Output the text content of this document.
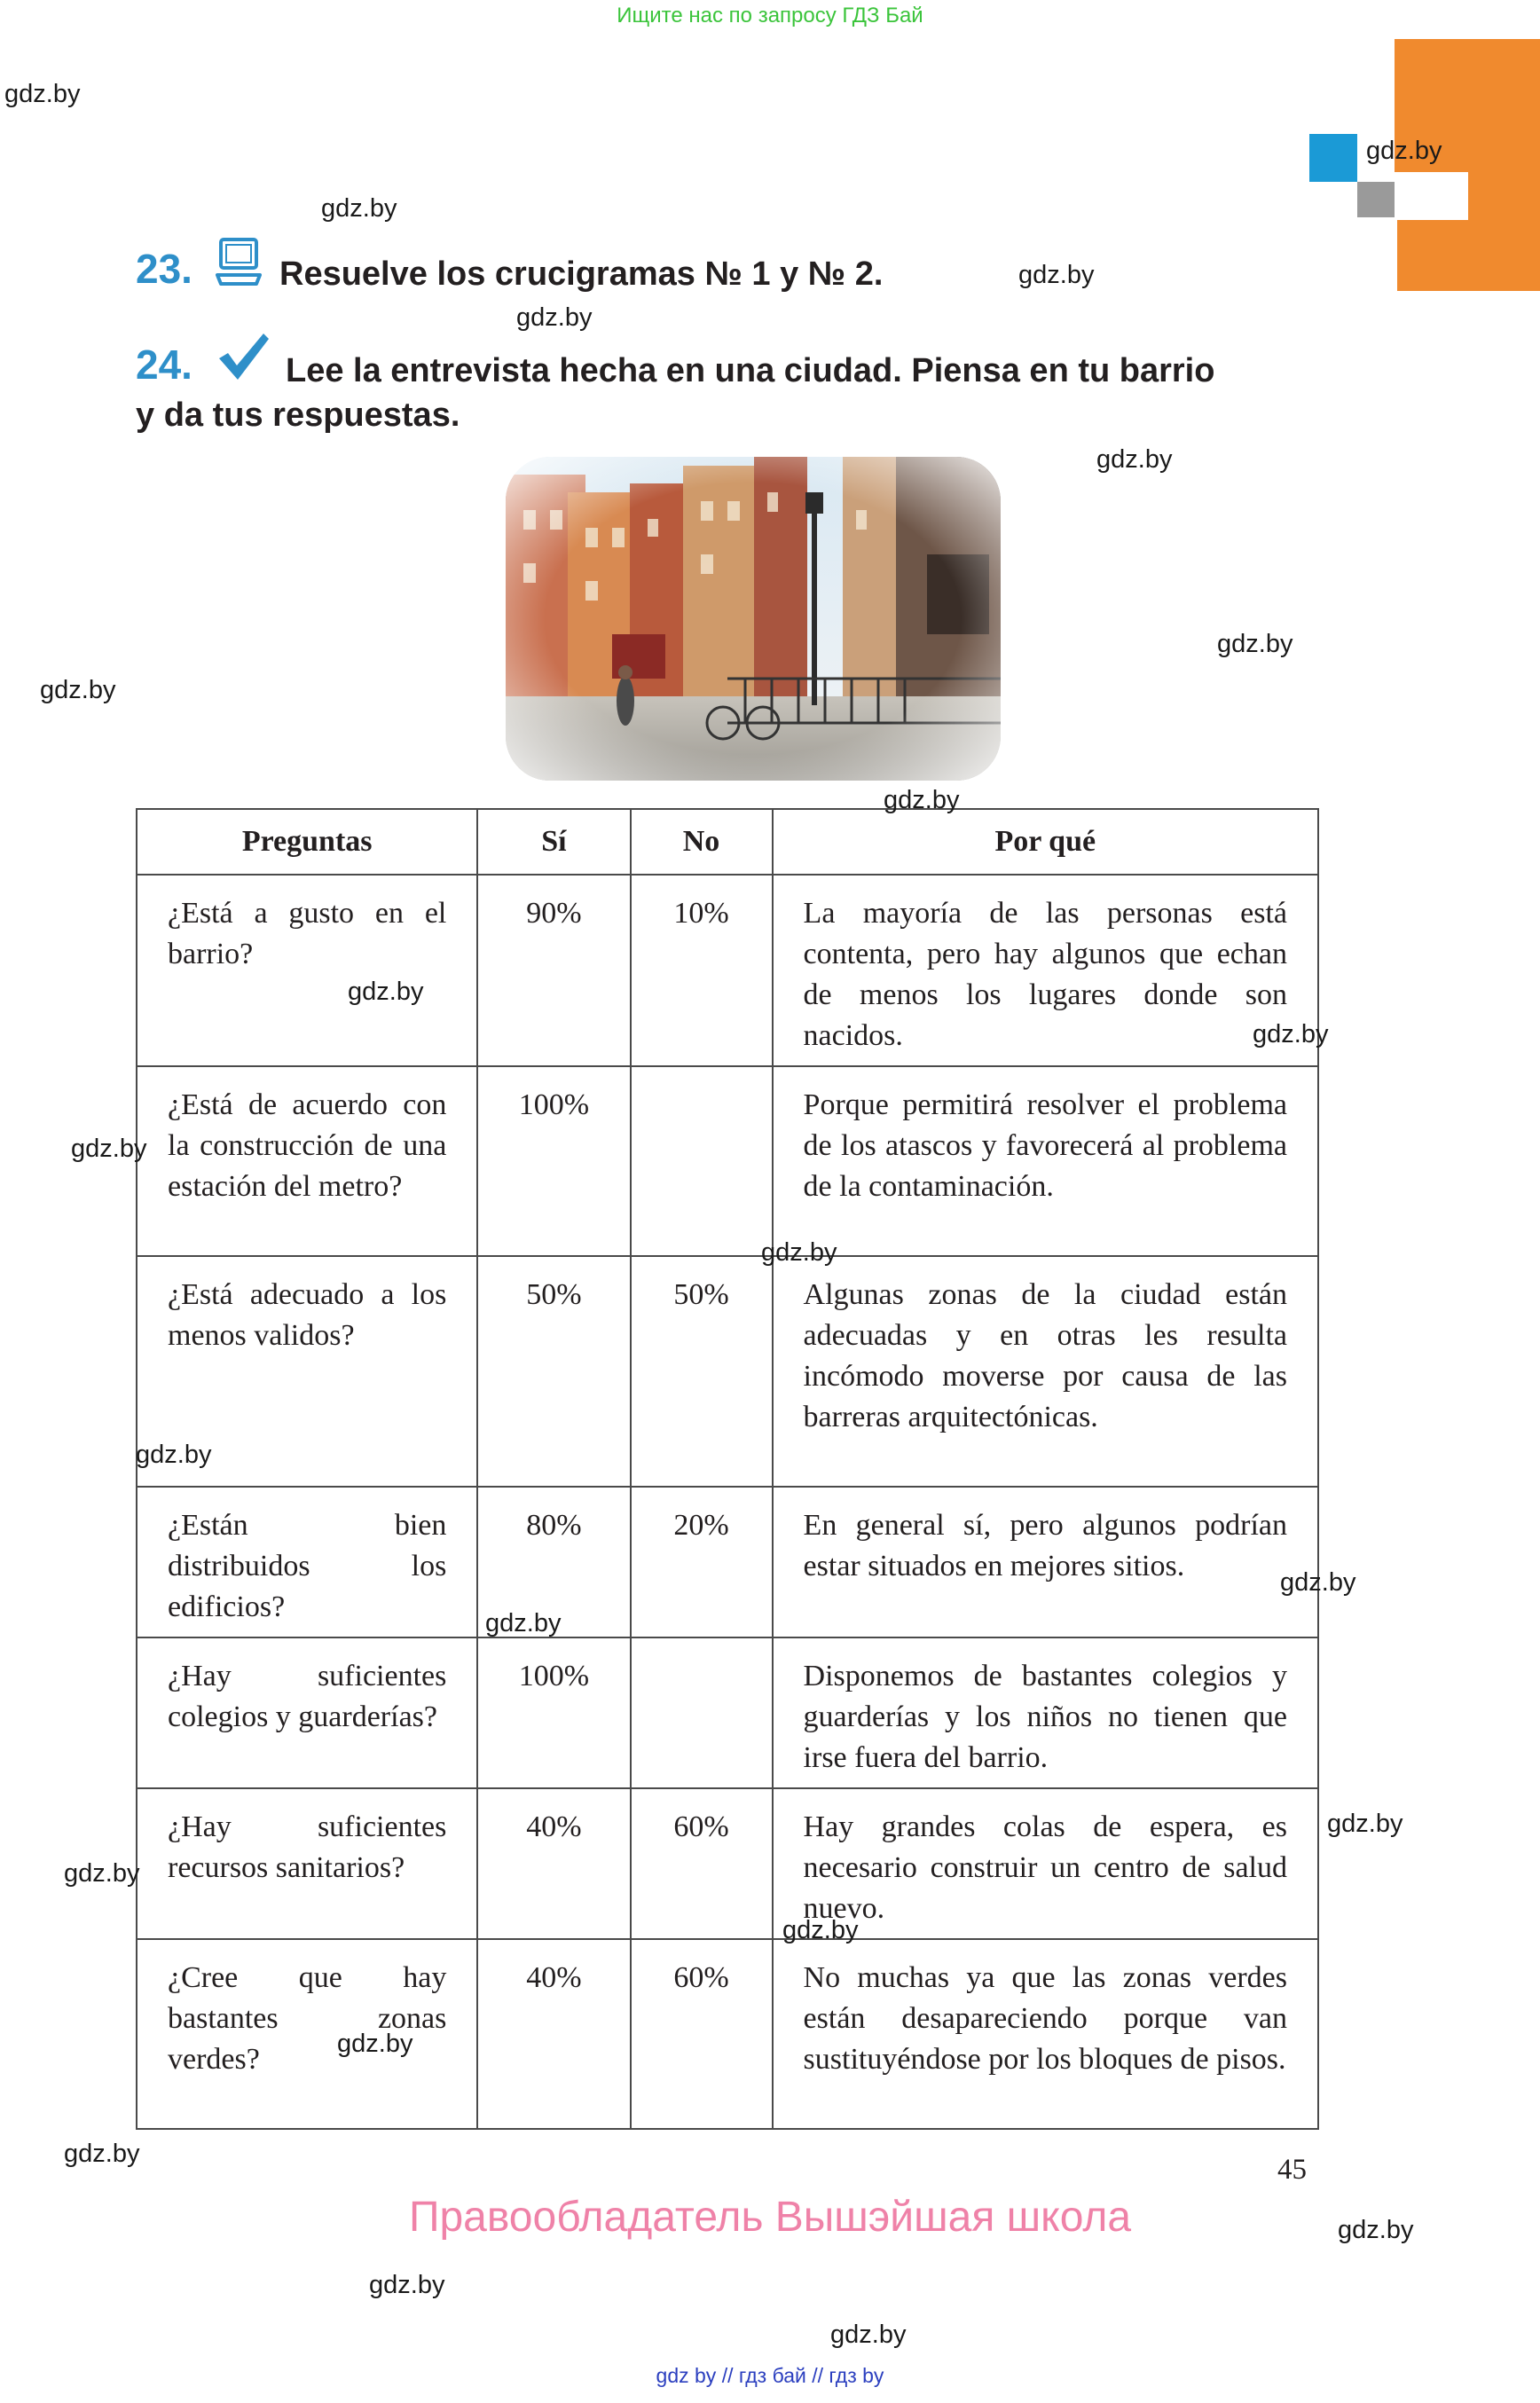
Ищите нас по запросу ГДЗ Бай
23.	Resuelve los crucigramas № 1 y № 2.
24.	Lee la entrevista hecha en una ciudad. Piensa en tu barrio
y da tus respuestas.
Preguntas	Sí	No	Por qué
¿Está a gusto en el barrio?	90%	10%	La mayoría de las personas está contenta, pero hay algunos que echan de menos los lugares donde son nacidos.
¿Está de acuerdo con la construcción de una estación del metro?	100%		Porque permitirá resolver el problema de los atascos y favorecerá al problema de la contaminación.
¿Está adecuado a los menos validos?	50%	50%	Algunas zonas de la ciudad están adecuadas y en otras les resulta incómodo moverse por causa de las barreras arquitectónicas.
¿Están bien distribuidos los edificios?	80%	20%	En general sí, pero algunos podrían estar situados en mejores sitios.
¿Hay suficientes colegios y guarderías?	100%		Disponemos de bastantes colegios y guarderías y los niños no tienen que irse fuera del barrio.
¿Hay suficientes recursos sanitarios?	40%	60%	Hay grandes colas de espera, es necesario construir un centro de salud nuevo.
¿Cree que hay bastantes zonas verdes?	40%	60%	No muchas ya que las zonas verdes están desapareciendo porque van sustituyéndose por los bloques de pisos.
45
Правообладатель Вышэйшая школа
gdz by // гдз бай // гдз by
gdz.by
gdz.by
gdz.by
gdz.by
gdz.by
gdz.by
gdz.by
gdz.by
gdz.by
gdz.by
gdz.by
gdz.by
gdz.by
gdz.by
gdz.by
gdz.by
gdz.by
gdz.by
gdz.by
gdz.by
gdz.by
gdz.by
gdz.by
gdz.by
